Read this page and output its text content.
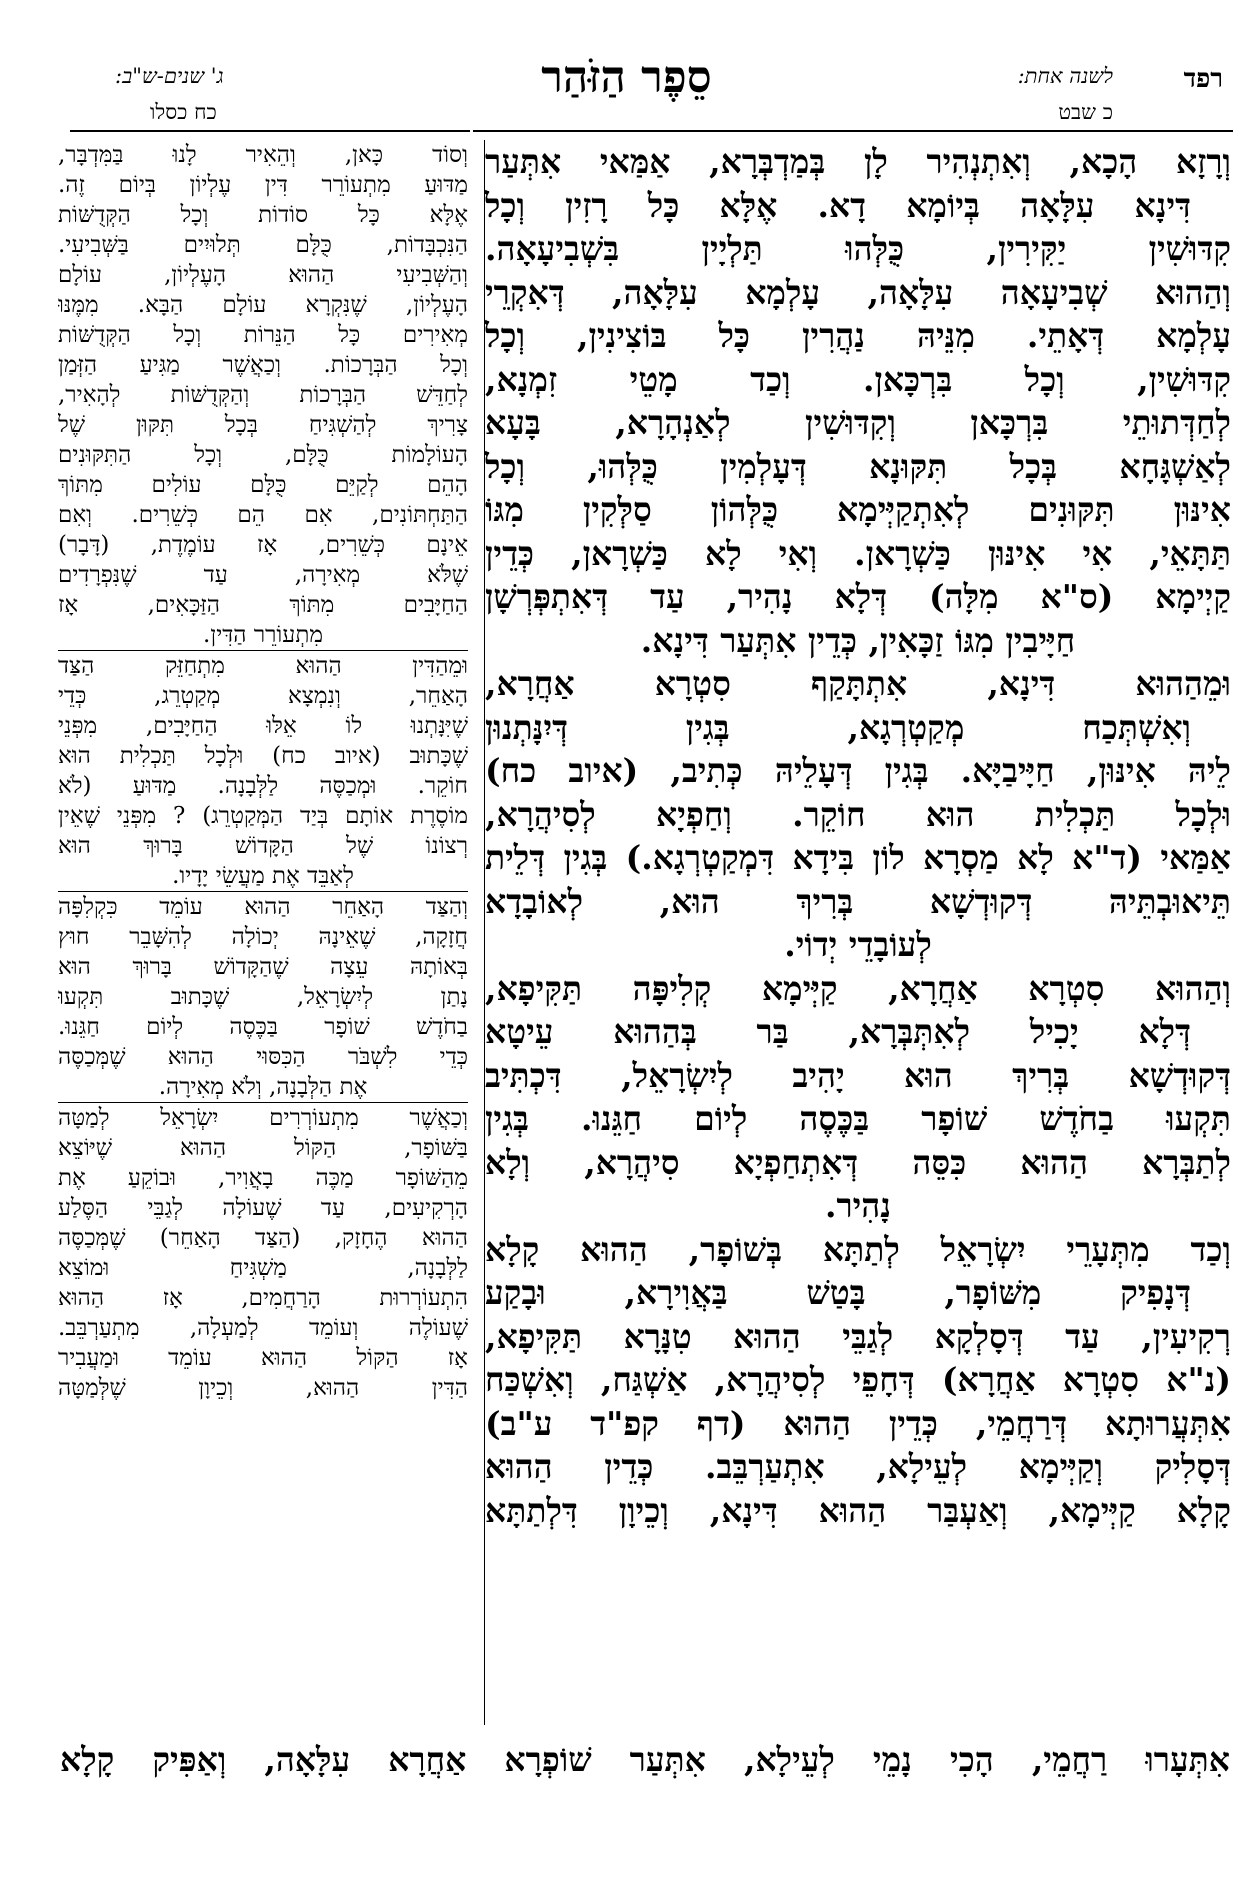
רפד
לשנה אחת:
כ שבט
סֵפֶר הַזֹּהַר
ג' שנים-ש"ב:
כח כסלו
וְרָזָא הָכָא, וְאִתְנְהִיר לָן בְּמַדְבְּרָא, אַמַּאי אִתְּעַר
דִּינָא עִלָּאָה בְּיוֹמָא דָא. אֶלָּא כָּל רָזִין וְכָל
קִדּוּשִׁין יַקִּירִין, כֻּלְּהוּ תַּלְיָין בִּשְׁבִיעָאָה.
וְהַהוּא שְׁבִיעָאָה עִלָּאָה, עָלְמָא עִלָּאָה, דְּאִקְרֵי
עָלְמָא דְּאָתֵי. מִנֵּיהּ נַהֲרִין כָּל בּוֹצִינִין, וְכָל
קִדּוּשִׁין, וְכָל בִּרְכָּאן. וְכַד מָטֵי זִמְנָא,
לְחַדְּתוּתֵי בִּרְכָּאן וְקִדּוּשִׁין לְאַנְהָרָא, בָּעָא
לְאַשְׁגָּחָא בְּכָל תִּקּוּנָא דְּעָלְמִין כֻּלְּהוּ, וְכָל
אִינּוּן תִּקּוּנִים לְאִתְקַיְּימָא כֻּלְּהוֹן סַלְּקִין מִגּוֹ
תַּתָּאֵי, אִי אִינּוּן כַּשְׁרָאן. וְאִי לָא כַּשְׁרָאן, כְּדֵין
קַיְימָא (ס"א מִלָּה) דְּלָא נָהִיר, עַד דְּאִתְפְּרְשָׁן
חַיָּיבִין מִגּוֹ זַכָּאִין, כְּדֵין אִתְּעַר דִּינָא.
וּמֵהַהוּא דִּינָא, אִתְתָּקַף סִטְרָא אַחֲרָא,
וְאִשְׁתְּכַח מְקַטְרְגָא, בְּגִין דְּיִנָּתְנוּן
לֵיהּ אִינּוּן, חַיָּיבַיָּא. בְּגִין דְּעָלֵיהּ כְּתִיב, (איוב כח)
וּלְכָל תַּכְלִית הוּא חוֹקֵר. וְחַפְיָא לְסִיהֲרָא,
אַמַּאי (ד"א לָא מַסְרָא לוֹן בִּידָא דִּמְקַטְרְגָא.) בְּגִין דְּלֵית
תֵּיאוּבְתֵּיהּ דְּקוּדְשָׁא בְּרִיךְ הוּא, לְאוֹבָדָא
לְעוֹבָדֵי יְדוֹי.
וְהַהוּא סִטְרָא אַחֲרָא, קַיְּימָא קְלִיפָּה תַּקִּיפָא,
דְּלָא יָכִיל לְאִתְּבְּרָא, בַּר בְּהַהוּא עֵיטָא
דְּקוּדְשָׁא בְּרִיךְ הוּא יָהִיב לְיִשְׂרָאֵל, דִּכְתִּיב
תִּקְעוּ בַחֹדֶשׁ שׁוֹפָר בַּכֶּסֶה לְיוֹם חַגֵּנוּ. בְּגִין
לְתַבְּרָא הַהוּא כִּסֵּה דְּאִתְחַפְיָא סִיהֲרָא, וְלָא
נָהִיר.
וְכַד מִתְּעָרֵי יִשְׂרָאֵל לְתַתָּא בְּשׁוֹפָר, הַהוּא קָלָא
דְּנָפִיק מִשּׁוֹפָר, בָּטַשׁ בַּאֲוִירָא, וּבָקַע
רְקִיעִין, עַד דְּסָלְקָא לְגַבֵּי הַהוּא טִנָּרָא תַּקִּיפָא,
(נ"א סִטְרָא אַחֲרָא) דְּחָפֵי לְסִיהֲרָא, אַשְׁגַּח, וְאִשְׁכַּח
אִתְּעֲרוּתָא דְּרַחֲמֵי, כְּדֵין הַהוּא (דף קפ"ד ע"ב)
דְּסָלִיק וְקַיְּימָא לְעֵילָא, אִתְעַרְבֵּב. כְּדֵין הַהוּא
קָלָא קַיְּימָא, וְאַעְבַּר הַהוּא דִּינָא, וְכֵיוָן דִּלְתַתָּא
וְסוֹד כָּאן, וְהֵאִיר לָנוּ בַּמִּדְבָּר,
מַדּוּעַ מִתְעוֹרֵר דִּין עֶלְיוֹן בְּיוֹם זֶה.
אֶלָּא כָּל סוֹדוֹת וְכָל הַקְּדֻשּׁוֹת
הַנִּכְבָּדוֹת, כֻּלָּם תְּלוּיִים בַּשְּׁבִיעִי.
וְהַשְּׁבִיעִי הַהוּא הָעֶלְיוֹן, עוֹלָם
הָעֶלְיוֹן, שֶׁנִּקְרָא עוֹלָם הַבָּא. מִמֶּנּוּ
מְאִירִים כָּל הַנֵּרוֹת וְכָל הַקְּדֻשּׁוֹת
וְכָל הַבְּרָכוֹת. וְכַאֲשֶׁר מַגִּיעַ הַזְּמַן
לְחַדֵּשׁ הַבְּרָכוֹת וְהַקְּדֻשּׁוֹת לְהָאִיר,
צָרִיךְ לְהַשְׁגִּיחַ בְּכָל תִּקּוּן שֶׁל
הָעוֹלָמוֹת כֻּלָּם, וְכָל הַתִּקּוּנִים
הָהֵם לְקַיֵּם כֻּלָּם עוֹלִים מִתּוֹךְ
הַתַּחְתּוֹנִים, אִם הֵם כְּשֵׁרִים. וְאִם
אֵינָם כְּשֵׁרִים, אָז עוֹמֶדֶת, (דָּבָר)
שֶׁלֹּא מְאִירָה, עַד שֶׁנִּפְרָדִים
הַחַיָּבִים מִתּוֹךְ הַזַּכָּאִים, אָז
מִתְעוֹרֵר הַדִּין.
וּמֵהַדִּין הַהוּא מִתְחַזֵּק הַצַּד
הָאַחֵר, וְנִמְצָא מְקַטְרֵג, כְּדֵי
שֶׁיִּנָּתְנוּ לוֹ אֵלּוּ הַחַיָּבִים, מִפְּנֵי
שֶׁכָּתוּב (איוב כח) וּלְכָל תַּכְלִית הוּא
חוֹקֵר. וּמְכַסֶּה לַלְּבָנָה. מַדּוּעַ (לֹא
מוֹסֶרֶת אוֹתָם בְּיַד הַמְּקַטְרֵג) ? מִפְּנֵי שֶׁאֵין
רְצוֹנוֹ שֶׁל הַקָּדוֹשׁ בָּרוּךְ הוּא
לְאַבֵּד אֶת מַעֲשֵׂי יָדָיו.
וְהַצַּד הָאַחֵר הַהוּא עוֹמֵד כִּקְלִפָּה
חֲזָקָה, שֶׁאֵינָהּ יְכוֹלָה לְהִשָּׁבֵר חוּץ
בְּאוֹתָהּ עֵצָה שֶׁהַקָּדוֹשׁ בָּרוּךְ הוּא
נָתַן לְיִשְׂרָאֵל, שֶׁכָּתוּב תִּקְעוּ
בַחֹדֶשׁ שׁוֹפָר בַּכֶּסֶה לְיוֹם חַגֵּנוּ.
כְּדֵי לִשְׁבֹּר הַכִּסּוּי הַהוּא שֶׁמְּכַסֶּה
אֶת הַלְּבָנָה, וְלֹא מְאִירָה.
וְכַאֲשֶׁר מִתְעוֹרְרִים יִשְׂרָאֵל לְמַטָּה
בַּשּׁוֹפָר, הַקּוֹל הַהוּא שֶׁיּוֹצֵא
מֵהַשּׁוֹפָר מַכֶּה בָאֲוִיר, וּבוֹקֵעַ אֶת
הָרְקִיעִים, עַד שֶׁעוֹלָה לְגַבֵּי הַסֶּלַע
הַהוּא הֶחָזָק, (הַצַּד הָאַחֵר) שֶׁמְּכַסֶּה
לַלְּבָנָה, מַשְׁגִּיחַ וּמוֹצֵא
הִתְעוֹרְרוּת הָרַחֲמִים, אָז הַהוּא
שֶׁעוֹלֶה וְעוֹמֵד לְמַעְלָה, מִתְעַרְבֵּב.
אָז הַקּוֹל הַהוּא עוֹמֵד וּמַעֲבִיר
הַדִּין הַהוּא, וְכֵיוָן שֶׁלְּמַטָּה
אִתְּעָרוּ רַחֲמֵי, הָכִי נָמֵי לְעֵילָא, אִתְּעַר שׁוֹפְרָא אַחֲרָא עִלָּאָה, וְאַפִּיק קָלָא
